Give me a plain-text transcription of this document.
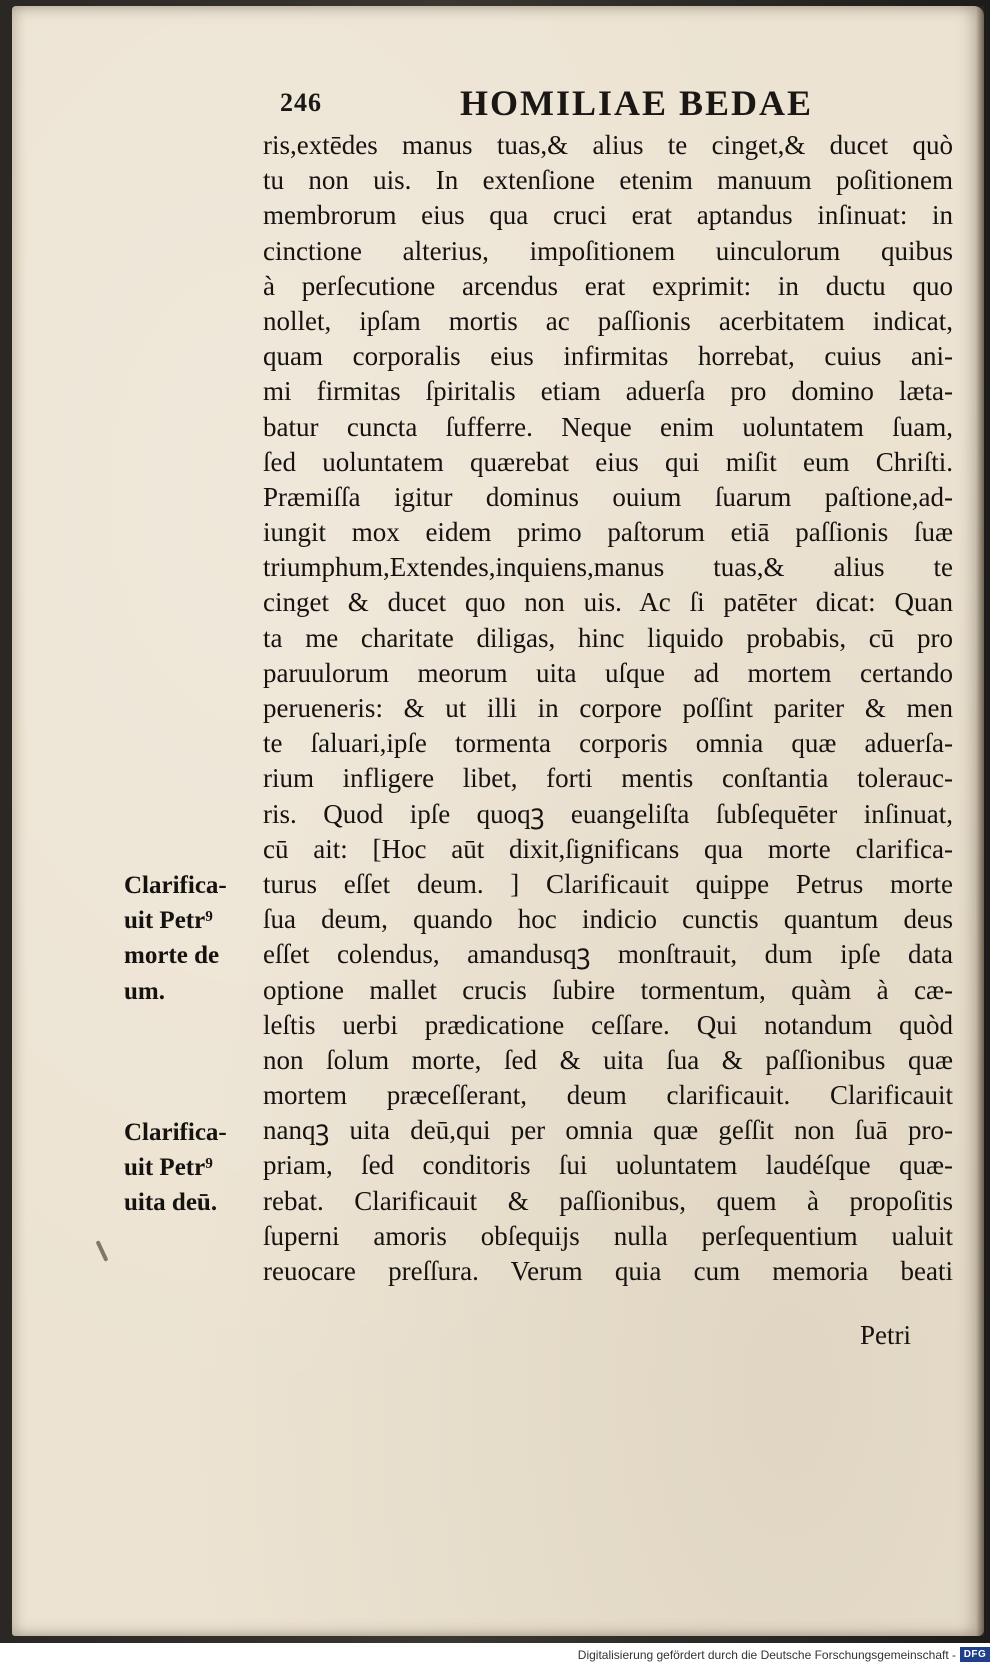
246	HOMILIAE BEDAE
ris,extēdes manus tuas,& alius te cinget,& ducet quò
tu non uis. In extenſione etenim manuum poſitionem
membrorum eius qua cruci erat aptandus inſinuat: in
cinctione alterius, impoſitionem uinculorum quibus
à perſecutione arcendus erat exprimit: in ductu quo
nollet, ipſam mortis ac paſſionis acerbitatem indicat,
quam corporalis eius infirmitas horrebat, cuius ani-
mi firmitas ſpiritalis etiam aduerſa pro domino læta-
batur cuncta ſufferre. Neque enim uoluntatem ſuam,
ſed uoluntatem quærebat eius qui miſit eum Chriſti.
Præmiſſa igitur dominus ouium ſuarum paſtione,ad-
iungit mox eidem primo paſtorum etiā paſſionis ſuæ
triumphum,Extendes,inquiens,manus tuas,& alius te
cinget & ducet quo non uis. Ac ſi patēter dicat: Quan
ta me charitate diligas, hinc liquido probabis, cū pro
paruulorum meorum uita uſque ad mortem certando
perueneris: & ut illi in corpore poſſint pariter & men
te ſaluari,ipſe tormenta corporis omnia quæ aduerſa-
rium infligere libet, forti mentis conſtantia tolerauc-
ris. Quod ipſe quoqꝫ euangeliſta ſubſequēter inſinuat,
cū ait: [Hoc aūt dixit,ſignificans qua morte clarifica-
turus eſſet deum. ] Clarificauit quippe Petrus morte
ſua deum, quando hoc indicio cunctis quantum deus
eſſet colendus, amandusqꝫ monſtrauit, dum ipſe data
optione mallet crucis ſubire tormentum, quàm à cæ-
leſtis uerbi prædicatione ceſſare. Qui notandum quòd
non ſolum morte, ſed & uita ſua & paſſionibus quæ
mortem præceſſerant, deum clarificauit. Clarificauit
nanqꝫ uita deū,qui per omnia quæ geſſit non ſuā pro-
priam, ſed conditoris ſui uoluntatem laudéſque quæ-
rebat. Clarificauit & paſſionibus, quem à propoſitis
ſuperni amoris obſequijs nulla perſequentium ualuit
reuocare preſſura. Verum quia cum memoria beati
Petri
Clarifica-
uit Petr⁹
morte de
um.
Clarifica-
uit Petr⁹
uita deū.
Digitalisierung gefördert durch die Deutsche Forschungsgemeinschaft - DFG
